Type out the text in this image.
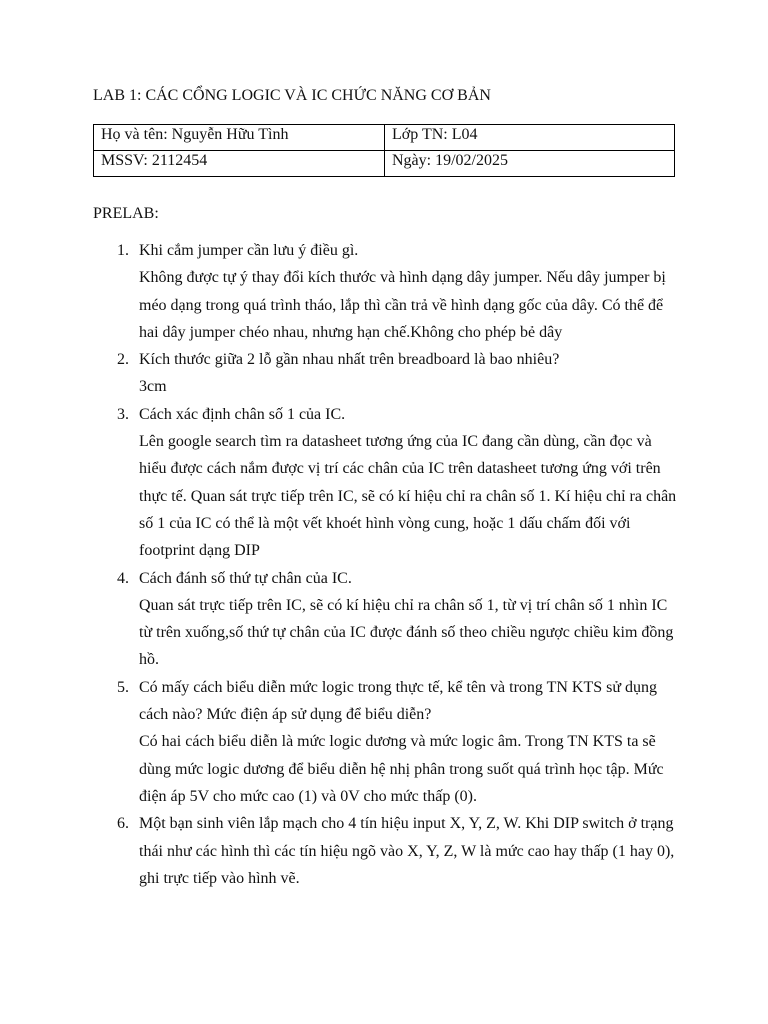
LAB 1: CÁC CỔNG LOGIC VÀ IC CHỨC NĂNG CƠ BẢN
Họ và tên: Nguyễn Hữu Tình	Lớp TN: L04
MSSV: 2112454	Ngày: 19/02/2025
PRELAB:
1. Khi cắm jumper cần lưu ý điều gì.
Không được tự ý thay đổi kích thước và hình dạng dây jumper. Nếu dây jumper bị méo dạng trong quá trình tháo, lắp thì cần trả về hình dạng gốc của dây. Có thể để hai dây jumper chéo nhau, nhưng hạn chế.Không cho phép bẻ dây
2. Kích thước giữa 2 lỗ gần nhau nhất trên breadboard là bao nhiêu?
3cm
3. Cách xác định chân số 1 của IC.
Lên google search tìm ra datasheet tương ứng của IC đang cần dùng, cần đọc và hiểu được cách nắm được vị trí các chân của IC trên datasheet tương ứng với trên thực tế. Quan sát trực tiếp trên IC, sẽ có kí hiệu chỉ ra chân số 1. Kí hiệu chỉ ra chân số 1 của IC có thể là một vết khoét hình vòng cung, hoặc 1 dấu chấm đối với footprint dạng DIP
4. Cách đánh số thứ tự chân của IC.
Quan sát trực tiếp trên IC, sẽ có kí hiệu chỉ ra chân số 1, từ vị trí chân số 1 nhìn IC từ trên xuống,số thứ tự chân của IC được đánh số theo chiều ngược chiều kim đồng hồ.
5. Có mấy cách biểu diễn mức logic trong thực tế, kể tên và trong TN KTS sử dụng cách nào? Mức điện áp sử dụng để biểu diễn?
Có hai cách biểu diễn là mức logic dương và mức logic âm. Trong TN KTS ta sẽ dùng mức logic dương để biểu diễn hệ nhị phân trong suốt quá trình học tập. Mức điện áp 5V cho mức cao (1) và 0V cho mức thấp (0).
6. Một bạn sinh viên lắp mạch cho 4 tín hiệu input X, Y, Z, W. Khi DIP switch ở trạng thái như các hình thì các tín hiệu ngõ vào X, Y, Z, W là mức cao hay thấp (1 hay 0), ghi trực tiếp vào hình vẽ.
